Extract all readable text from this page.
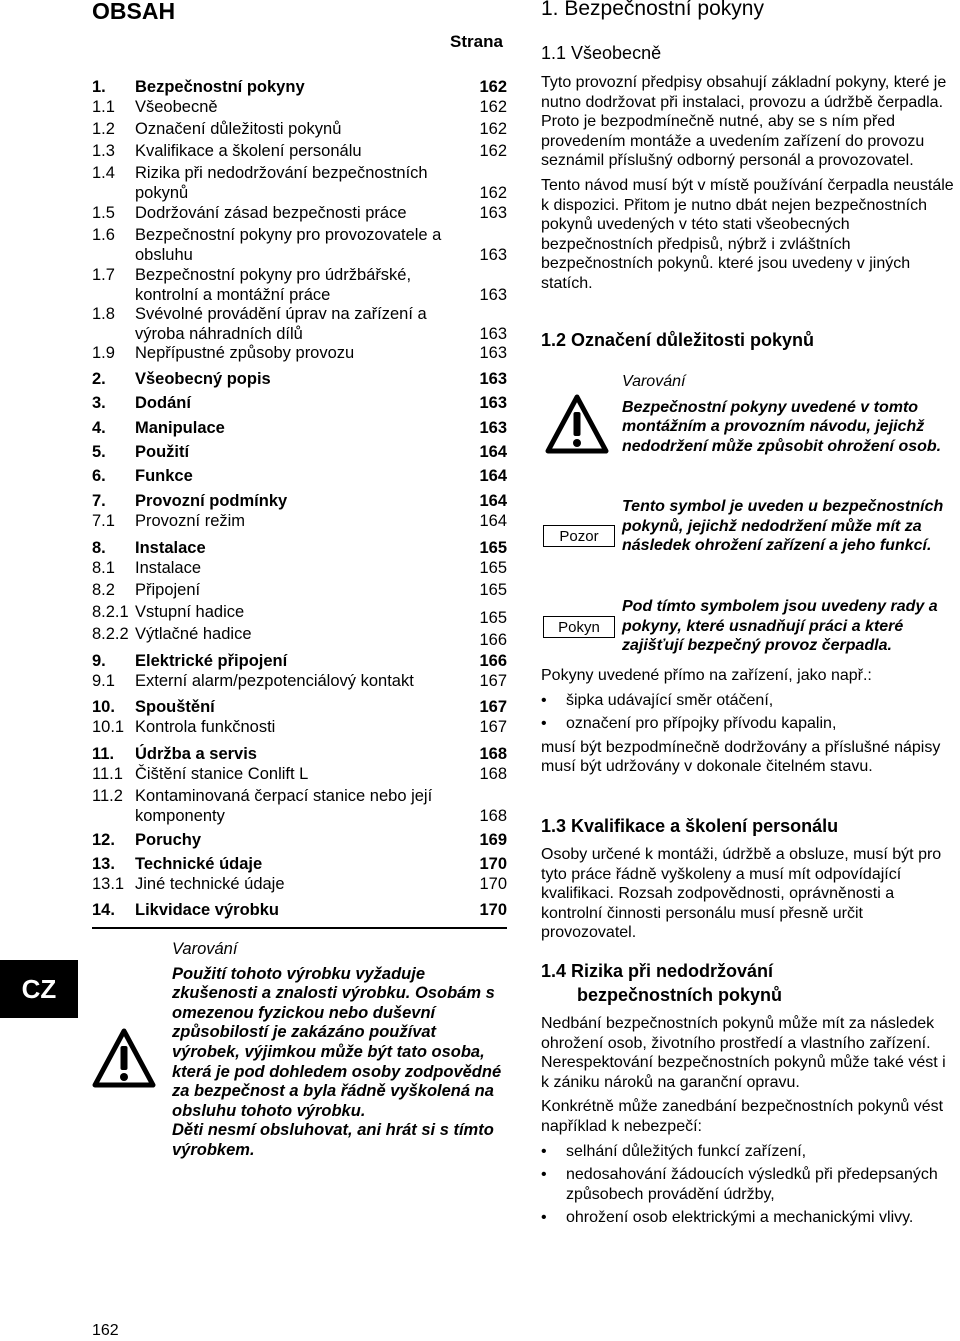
OBSAH
Strana
1. Bezpečnostní pokyny	162
1.1 Všeobecně	162
1.2 Označení důležitosti pokynů	162
1.3 Kvalifikace a školení personálu	162
1.4 Rizika při nedodržování bezpečnostních pokynů	162
1.5 Dodržování zásad bezpečnosti práce	163
1.6 Bezpečnostní pokyny pro provozovatele a obsluhu	163
1.7 Bezpečnostní pokyny pro údržbářské, kontrolní a montážní práce	163
1.8 Svévolné provádění úprav na zařízení a výroba náhradních dílů	163
1.9 Nepřípustné způsoby provozu	163
2. Všeobecný popis	163
3. Dodání	163
4. Manipulace	163
5. Použití	164
6. Funkce	164
7. Provozní podmínky	164
7.1 Provozní režim	164
8. Instalace	165
8.1 Instalace	165
8.2 Připojení	165
8.2.1 Vstupní hadice	165
8.2.2 Výtlačné hadice	166
9. Elektrické připojení	166
9.1 Externí alarm/pezpotenciálový kontakt	167
10. Spouštění	167
10.1 Kontrola funkčnosti	167
11. Údržba a servis	168
11.1 Čištění stanice Conlift L	168
11.2 Kontaminovaná čerpací stanice nebo její komponenty	168
12. Poruchy	169
13. Technické údaje	170
13.1 Jiné technické údaje	170
14. Likvidace výrobku	170
Varování
Použití tohoto výrobku vyžaduje zkušenosti a znalosti výrobku. Osobám s omezenou fyzickou nebo duševní způsobilostí je zakázáno používat výrobek, výjimkou může být tato osoba, která je pod dohledem osoby zodpovědné za bezpečnost a byla řádně vyškolená na obsluhu tohoto výrobku.
Děti nesmí obsluhovat, ani hrát si s tímto výrobkem.
CZ
162
1. Bezpečnostní pokyny
1.1 Všeobecně

Tyto provozní předpisy obsahují základní pokyny, které je nutno dodržovat při instalaci, provozu a údržbě čerpadla. Proto je bezpodmínečně nutné, aby se s ním před provedením montáže a uvedením zařízení do provozu seznámil příslušný odborný personál a provozovatel.

Tento návod musí být v místě používání čerpadla neustále k dispozici. Přitom je nutno dbát nejen bezpečnostních pokynů uvedených v této stati všeobecných bezpečnostních předpisů, nýbrž i zvláštních bezpečnostních pokynů. které jsou uvedeny v jiných statích.

1.2 Označení důležitosti pokynů
Varování
Bezpečnostní pokyny uvedené v tomto montážním a provozním návodu, jejichž nedodržení může způsobit ohrožení osob.
Pozor
Tento symbol je uveden u bezpečnostních pokynů, jejichž nedodržení může mít za následek ohrožení zařízení a jeho funkcí.
Pokyn
Pod tímto symbolem jsou uvedeny rady a pokyny, které usnadňují práci a které zajišťují bezpečný provoz čerpadla.

Pokyny uvedené přímo na zařízení, jako např.:

• šipka udávající směr otáčení,
• označení pro přípojky přívodu kapalin,

musí být bezpodmínečně dodržovány a příslušné nápisy musí být udržovány v dokonale čitelném stavu.

1.3 Kvalifikace a školení personálu

Osoby určené k montáži, údržbě a obsluze, musí být pro tyto práce řádně vyškoleny a musí mít odpovídající kvalifikaci. Rozsah zodpovědnosti, oprávněnosti a kontrolní činnosti personálu musí přesně určit provozovatel.

1.4 Rizika při nedodržování
bezpečnostních pokynů

Nedbání bezpečnostních pokynů může mít za následek ohrožení osob, životního prostředí a vlastního zařízení. Nerespektování bezpečnostních pokynů může také vést i k zániku nároků na garanční opravu.

Konkrétně může zanedbání bezpečnostních pokynů vést například k nebezpečí:

• selhání důležitých funkcí zařízení,
• nedosahování žádoucích výsledků při předepsaných způsobech provádění údržby,
• ohrožení osob elektrickými a mechanickými vlivy.
